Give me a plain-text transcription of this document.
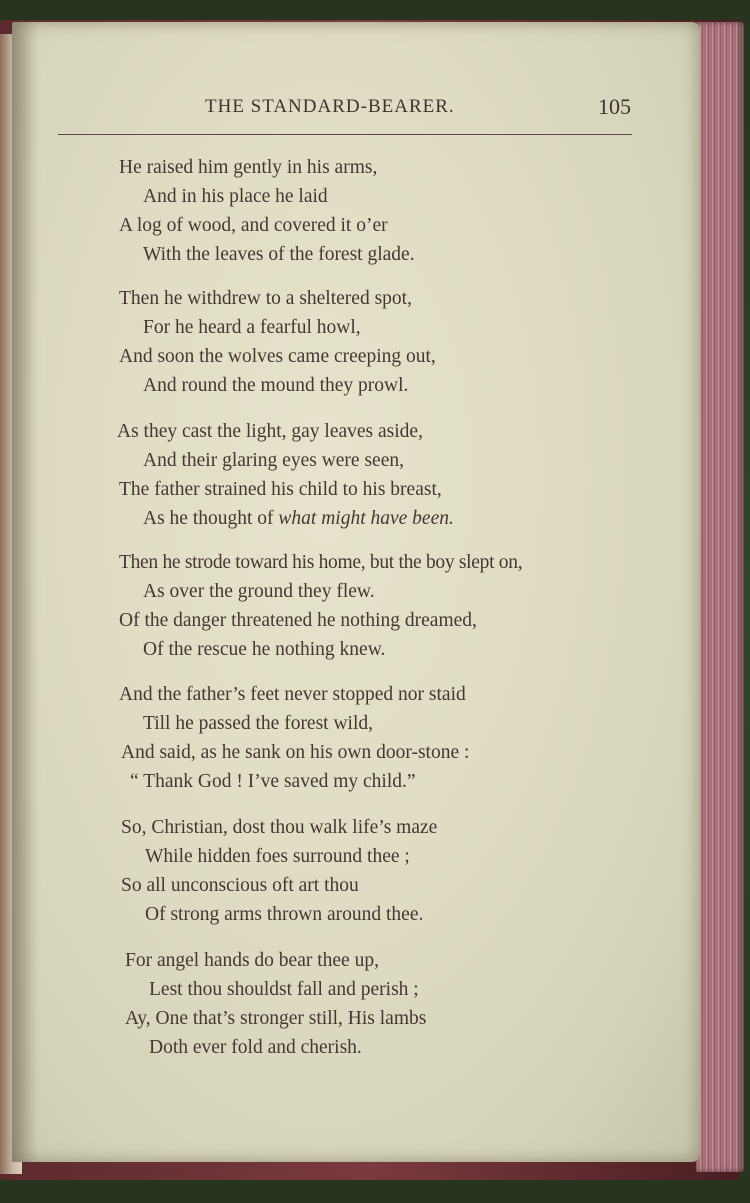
THE STANDARD-BEARER.	105
He raised him gently in his arms,
And in his place he laid
A log of wood, and covered it o’er
With the leaves of the forest glade.
Then he withdrew to a sheltered spot,
For he heard a fearful howl,
And soon the wolves came creeping out,
And round the mound they prowl.
As they cast the light, gay leaves aside,
And their glaring eyes were seen,
The father strained his child to his breast,
As he thought of what might have been.
Then he strode toward his home, but the boy slept on,
As over the ground they flew.
Of the danger threatened he nothing dreamed,
Of the rescue he nothing knew.
And the father’s feet never stopped nor staid
Till he passed the forest wild,
And said, as he sank on his own door-stone :
“ Thank God ! I’ve saved my child.”
So, Christian, dost thou walk life’s maze
While hidden foes surround thee ;
So all unconscious oft art thou
Of strong arms thrown around thee.
For angel hands do bear thee up,
Lest thou shouldst fall and perish ;
Ay, One that’s stronger still, His lambs
Doth ever fold and cherish.
